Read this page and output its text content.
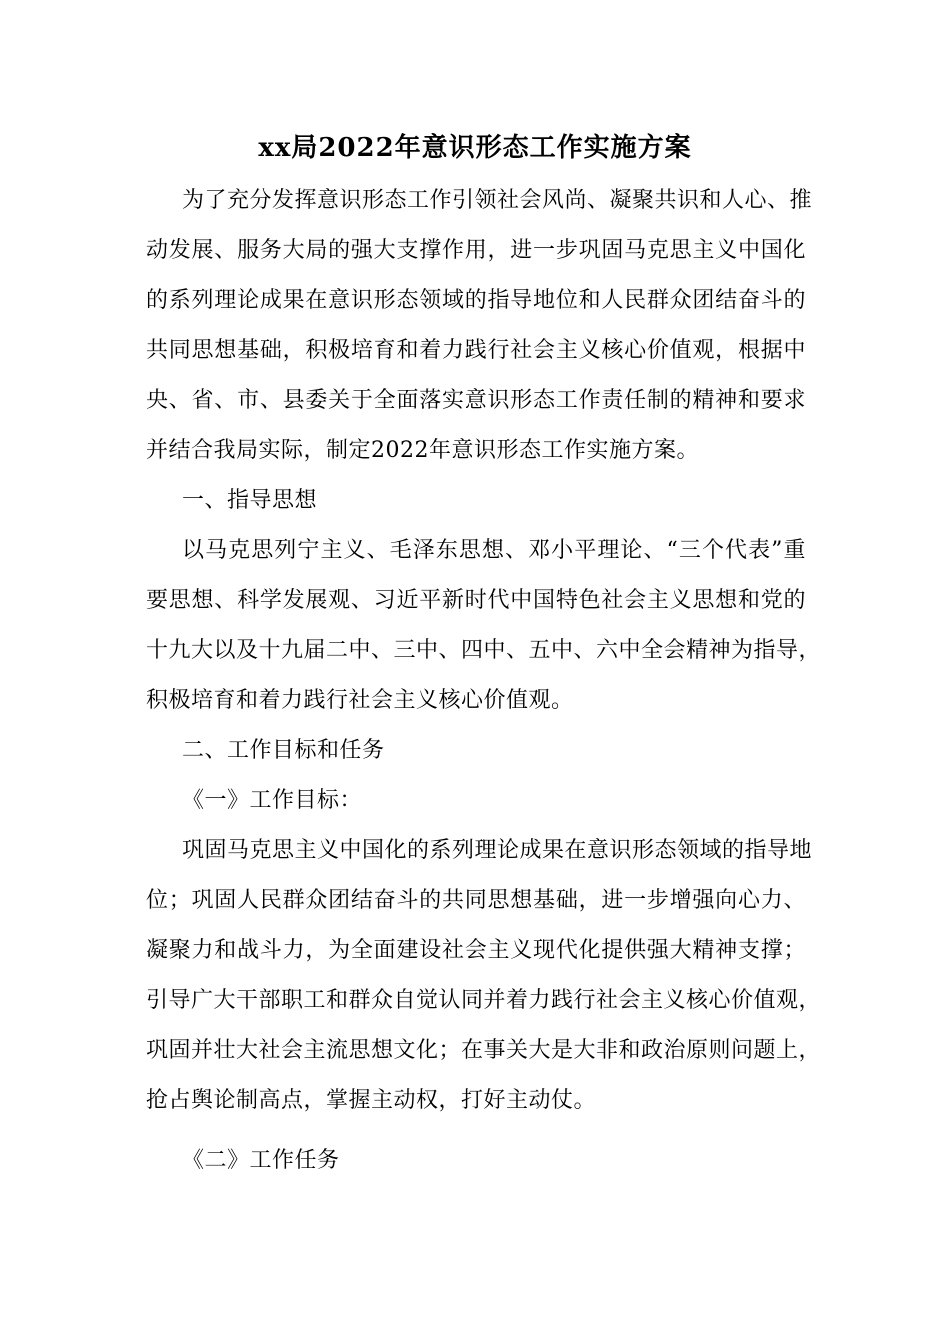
xx局2022年意识形态工作实施方案
为了充分发挥意识形态工作引领社会风尚、凝聚共识和人心、推
动发展、服务大局的强大支撑作用，进一步巩固马克思主义中国化
的系列理论成果在意识形态领域的指导地位和人民群众团结奋斗的
共同思想基础，积极培育和着力践行社会主义核心价值观，根据中
央、省、市、县委关于全面落实意识形态工作责任制的精神和要求
并结合我局实际，制定2022年意识形态工作实施方案。
一、指导思想
以马克思列宁主义、毛泽东思想、邓小平理论、“三个代表”重
要思想、科学发展观、习近平新时代中国特色社会主义思想和党的
十九大以及十九届二中、三中、四中、五中、六中全会精神为指导，
积极培育和着力践行社会主义核心价值观。
二、工作目标和任务
《一》工作目标：
巩固马克思主义中国化的系列理论成果在意识形态领域的指导地
位；巩固人民群众团结奋斗的共同思想基础，进一步增强向心力、
凝聚力和战斗力，为全面建设社会主义现代化提供强大精神支撑；
引导广大干部职工和群众自觉认同并着力践行社会主义核心价值观，
巩固并壮大社会主流思想文化；在事关大是大非和政治原则问题上，
抢占舆论制高点，掌握主动权，打好主动仗。
《二》工作任务
